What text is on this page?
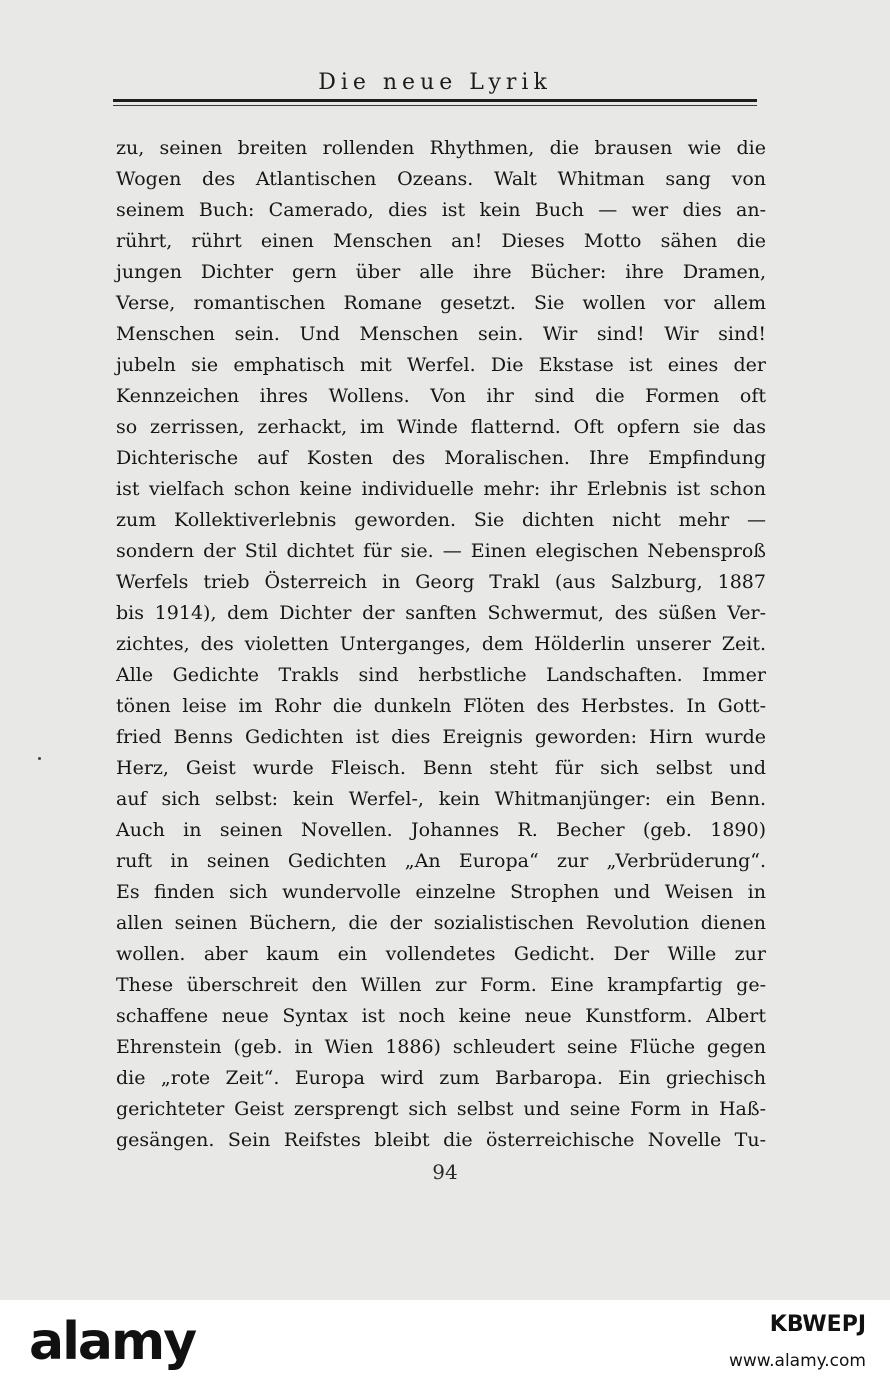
Die neue Lyrik
zu, seinen breiten rollenden Rhythmen, die brausen wie die
Wogen des Atlantischen Ozeans. Walt Whitman sang von
seinem Buch: Camerado, dies ist kein Buch — wer dies an-
rührt, rührt einen Menschen an! Dieses Motto sähen die
jungen Dichter gern über alle ihre Bücher: ihre Dramen,
Verse, romantischen Romane gesetzt. Sie wollen vor allem
Menschen sein. Und Menschen sein. Wir sind! Wir sind!
jubeln sie emphatisch mit Werfel. Die Ekstase ist eines der
Kennzeichen ihres Wollens. Von ihr sind die Formen oft
so zerrissen, zerhackt, im Winde flatternd. Oft opfern sie das
Dichterische auf Kosten des Moralischen. Ihre Empfindung
ist vielfach schon keine individuelle mehr: ihr Erlebnis ist schon
zum Kollektiverlebnis geworden. Sie dichten nicht mehr —
sondern der Stil dichtet für sie. — Einen elegischen Nebensproß
Werfels trieb Österreich in Georg Trakl (aus Salzburg, 1887
bis 1914), dem Dichter der sanften Schwermut, des süßen Ver-
zichtes, des violetten Unterganges, dem Hölderlin unserer Zeit.
Alle Gedichte Trakls sind herbstliche Landschaften. Immer
tönen leise im Rohr die dunkeln Flöten des Herbstes. In Gott-
fried Benns Gedichten ist dies Ereignis geworden: Hirn wurde
Herz, Geist wurde Fleisch. Benn steht für sich selbst und
auf sich selbst: kein Werfel-, kein Whitmanjünger: ein Benn.
Auch in seinen Novellen. Johannes R. Becher (geb. 1890)
ruft in seinen Gedichten „An Europa“ zur „Verbrüderung“.
Es finden sich wundervolle einzelne Strophen und Weisen in
allen seinen Büchern, die der sozialistischen Revolution dienen
wollen. aber kaum ein vollendetes Gedicht. Der Wille zur
These überschreit den Willen zur Form. Eine krampfartig ge-
schaffene neue Syntax ist noch keine neue Kunstform. Albert
Ehrenstein (geb. in Wien 1886) schleudert seine Flüche gegen
die „rote Zeit“. Europa wird zum Barbaropa. Ein griechisch
gerichteter Geist zersprengt sich selbst und seine Form in Haß-
gesängen. Sein Reifstes bleibt die österreichische Novelle Tu-
94
alamy	KBWEPJ
www.alamy.com
